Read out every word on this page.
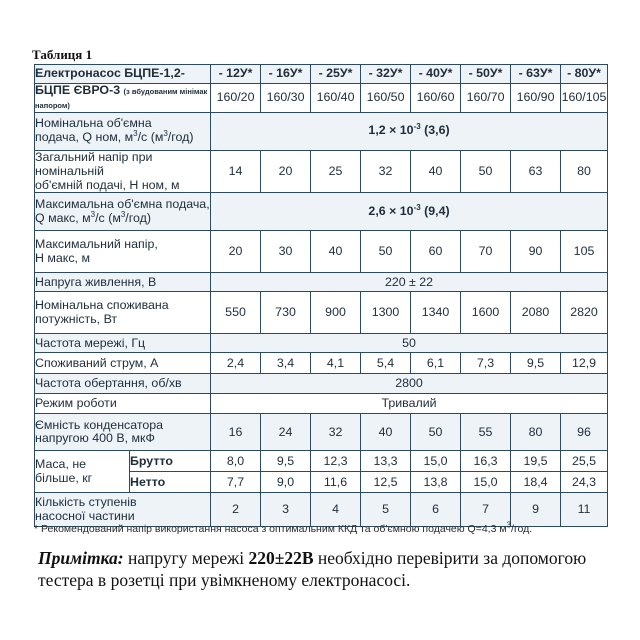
Таблиця 1
Електронасос БЦПЕ-1,2-		- 12У*	- 16У*	- 25У*	- 32У*	- 40У*	- 50У*	- 63У*	- 80У*
БЦПЕ ЄВРО-3 (з вбудованим мінімак напором)		160/20	160/30	160/40	160/50	160/60	160/70	160/90	160/105
Номінальна об'ємна
подача, Q ном, $м^3/с$ $(м^3/год)$		$1,2 \times 10^{-3}$ (3,6)							
Загальний напір при номінальній
об'ємній подачі, Н ном, м		14	20	25	32	40	50	63	80
Максимальна об'ємна подача,
Q макс, $м^3/с$ $(м^3/год)$		$2,6 \times 10^{-3}$ (9,4)							
Максимальний напір,
Н макс, м		20	30	40	50	60	70	90	105
Напруга живлення, В		220 ± 22							
Номінальна споживана
потужність, Вт		550	730	900	1300	1340	1600	2080	2820
Частота мережі, Гц		50							
Споживаний струм, А		2,4	3,4	4,1	5,4	6,1	7,3	9,5	12,9
Частота обертання, об/хв		2800							
Режим роботи		Тривалий							
Ємність конденсатора
напругою 400 В, мкФ		16	24	32	40	50	55	80	96
Маса, не
більше, кг	Брутто	8,0	9,5	12,3	13,3	15,0	16,3	19,5	25,5
	Нетто	7,7	9,0	11,6	12,5	13,8	15,0	18,4	24,3
Кількість ступенів
насосної частини		2	3	4	5	6	7	9	11
* Рекомендований напір використання насоса з оптимальним ККД та об'ємною подачею Q=4,3 $м^3$/год.
Примітка: напругу мережі 220±22В необхідно перевірити за допомогою тестера в розетці при увімкненому електронасосі.
